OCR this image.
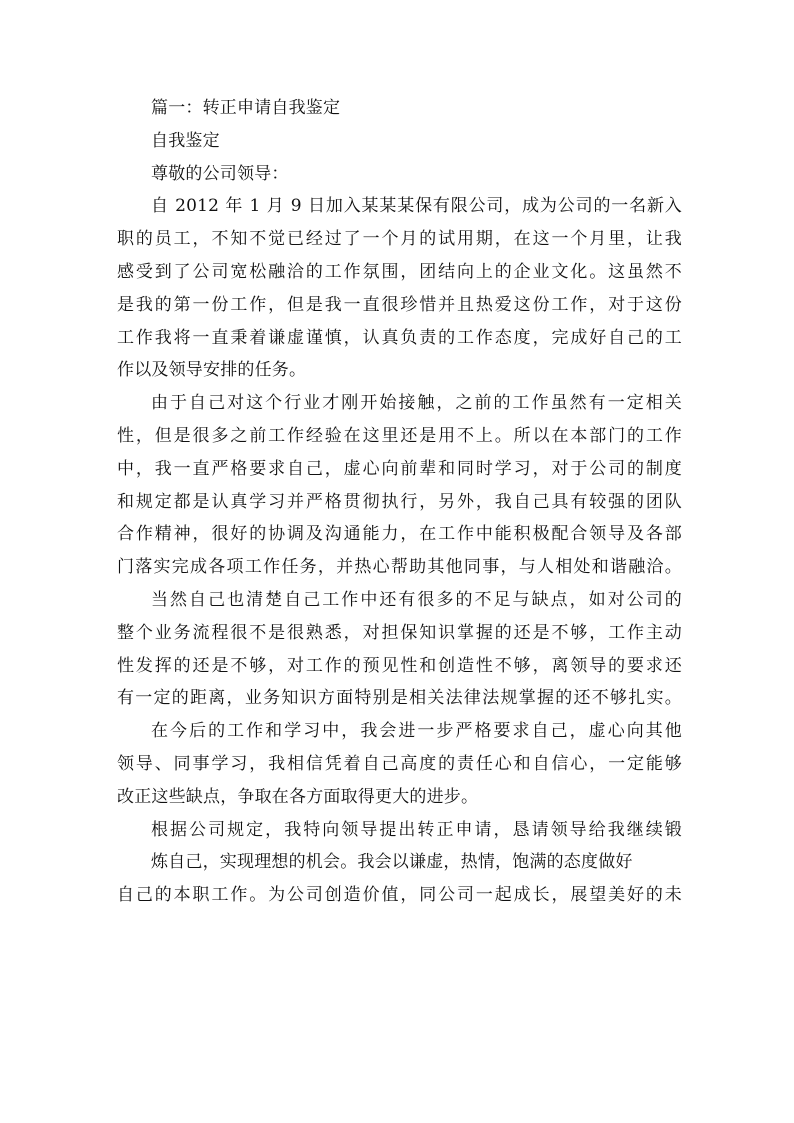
篇一：转正申请自我鉴定
自我鉴定
尊敬的公司领导：
自 2012 年 1 月 9 日加入某某某保有限公司，成为公司的一名新入
职的员工，不知不觉已经过了一个月的试用期，在这一个月里，让我
感受到了公司宽松融洽的工作氛围，团结向上的企业文化。这虽然不
是我的第一份工作，但是我一直很珍惜并且热爱这份工作，对于这份
工作我将一直秉着谦虚谨慎，认真负责的工作态度，完成好自己的工
作以及领导安排的任务。
由于自己对这个行业才刚开始接触，之前的工作虽然有一定相关
性，但是很多之前工作经验在这里还是用不上。所以在本部门的工作
中，我一直严格要求自己，虚心向前辈和同时学习，对于公司的制度
和规定都是认真学习并严格贯彻执行，另外，我自己具有较强的团队
合作精神，很好的协调及沟通能力，在工作中能积极配合领导及各部
门落实完成各项工作任务，并热心帮助其他同事，与人相处和谐融洽。
当然自己也清楚自己工作中还有很多的不足与缺点，如对公司的
整个业务流程很不是很熟悉，对担保知识掌握的还是不够，工作主动
性发挥的还是不够，对工作的预见性和创造性不够，离领导的要求还
有一定的距离，业务知识方面特别是相关法律法规掌握的还不够扎实。
在今后的工作和学习中，我会进一步严格要求自己，虚心向其他
领导、同事学习，我相信凭着自己高度的责任心和自信心，一定能够
改正这些缺点，争取在各方面取得更大的进步。
根据公司规定，我特向领导提出转正申请，恳请领导给我继续锻
炼自己，实现理想的机会。我会以谦虚，热情，饱满的态度做好
自己的本职工作。为公司创造价值，同公司一起成长，展望美好的未
